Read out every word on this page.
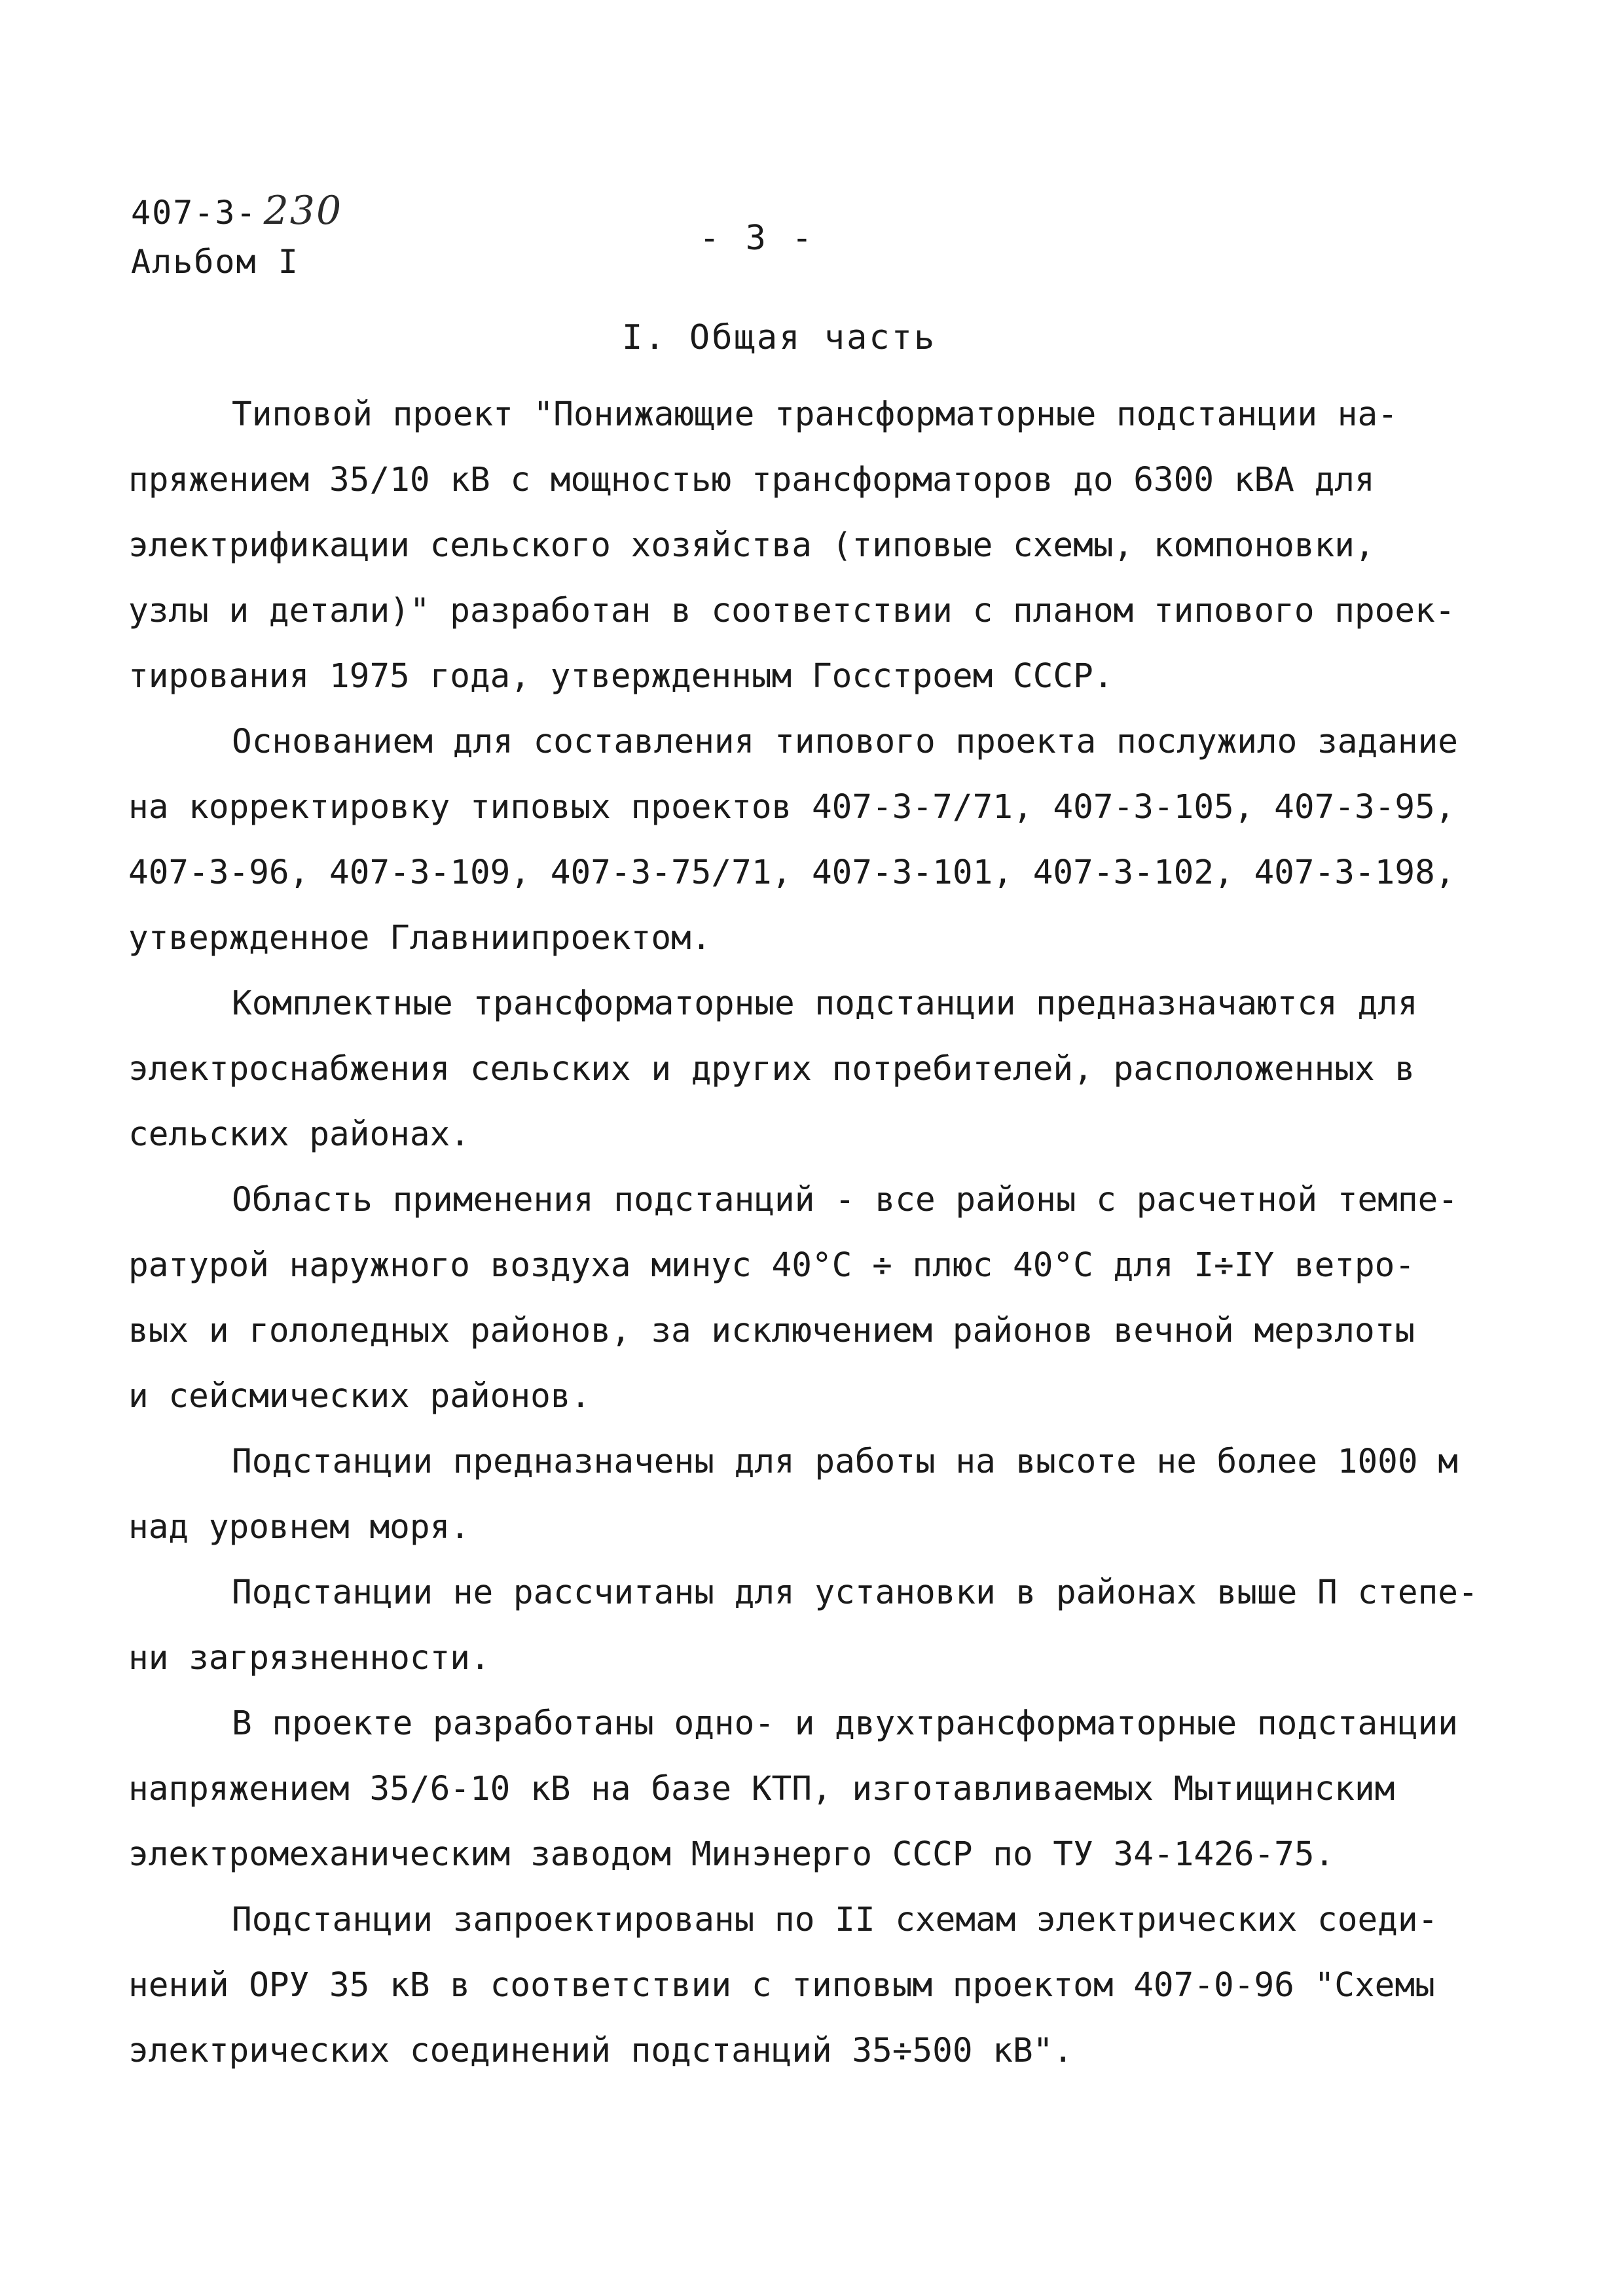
407-3- 230
Альбом I
- 3 -
I. Общая часть
Типовой проект "Понижающие трансформаторные подстанции на-
пряжением 35/10 кВ с мощностью трансформаторов до 6300 кВА для
электрификации сельского хозяйства (типовые схемы, компоновки,
узлы и детали)" разработан в соответствии с планом типового проек-
тирования 1975 года, утвержденным Госстроем СССР.
Основанием для составления типового проекта послужило задание
на корректировку типовых проектов 407-3-7/71, 407-3-105, 407-3-95,
407-3-96, 407-3-109, 407-3-75/71, 407-3-101, 407-3-102, 407-3-198,
утвержденное Главниипроектом.
Комплектные трансформаторные подстанции предназначаются для
электроснабжения сельских и других потребителей, расположенных в
сельских районах.
Область применения подстанций - все районы с расчетной темпе-
ратурой наружного воздуха минус 40°С ÷ плюс 40°С для I÷IY ветро-
вых и гололедных районов, за исключением районов вечной мерзлоты
и сейсмических районов.
Подстанции предназначены для работы на высоте не более 1000 м
над уровнем моря.
Подстанции не рассчитаны для установки в районах выше П степе-
ни загрязненности.
В проекте разработаны одно- и двухтрансформаторные подстанции
напряжением 35/6-10 кВ на базе КТП, изготавливаемых Мытищинским
электромеханическим заводом Минэнерго СССР по ТУ 34-1426-75.
Подстанции запроектированы по II схемам электрических соеди-
нений ОРУ 35 кВ в соответствии с типовым проектом 407-0-96 "Схемы
электрических соединений подстанций 35÷500 кВ".
